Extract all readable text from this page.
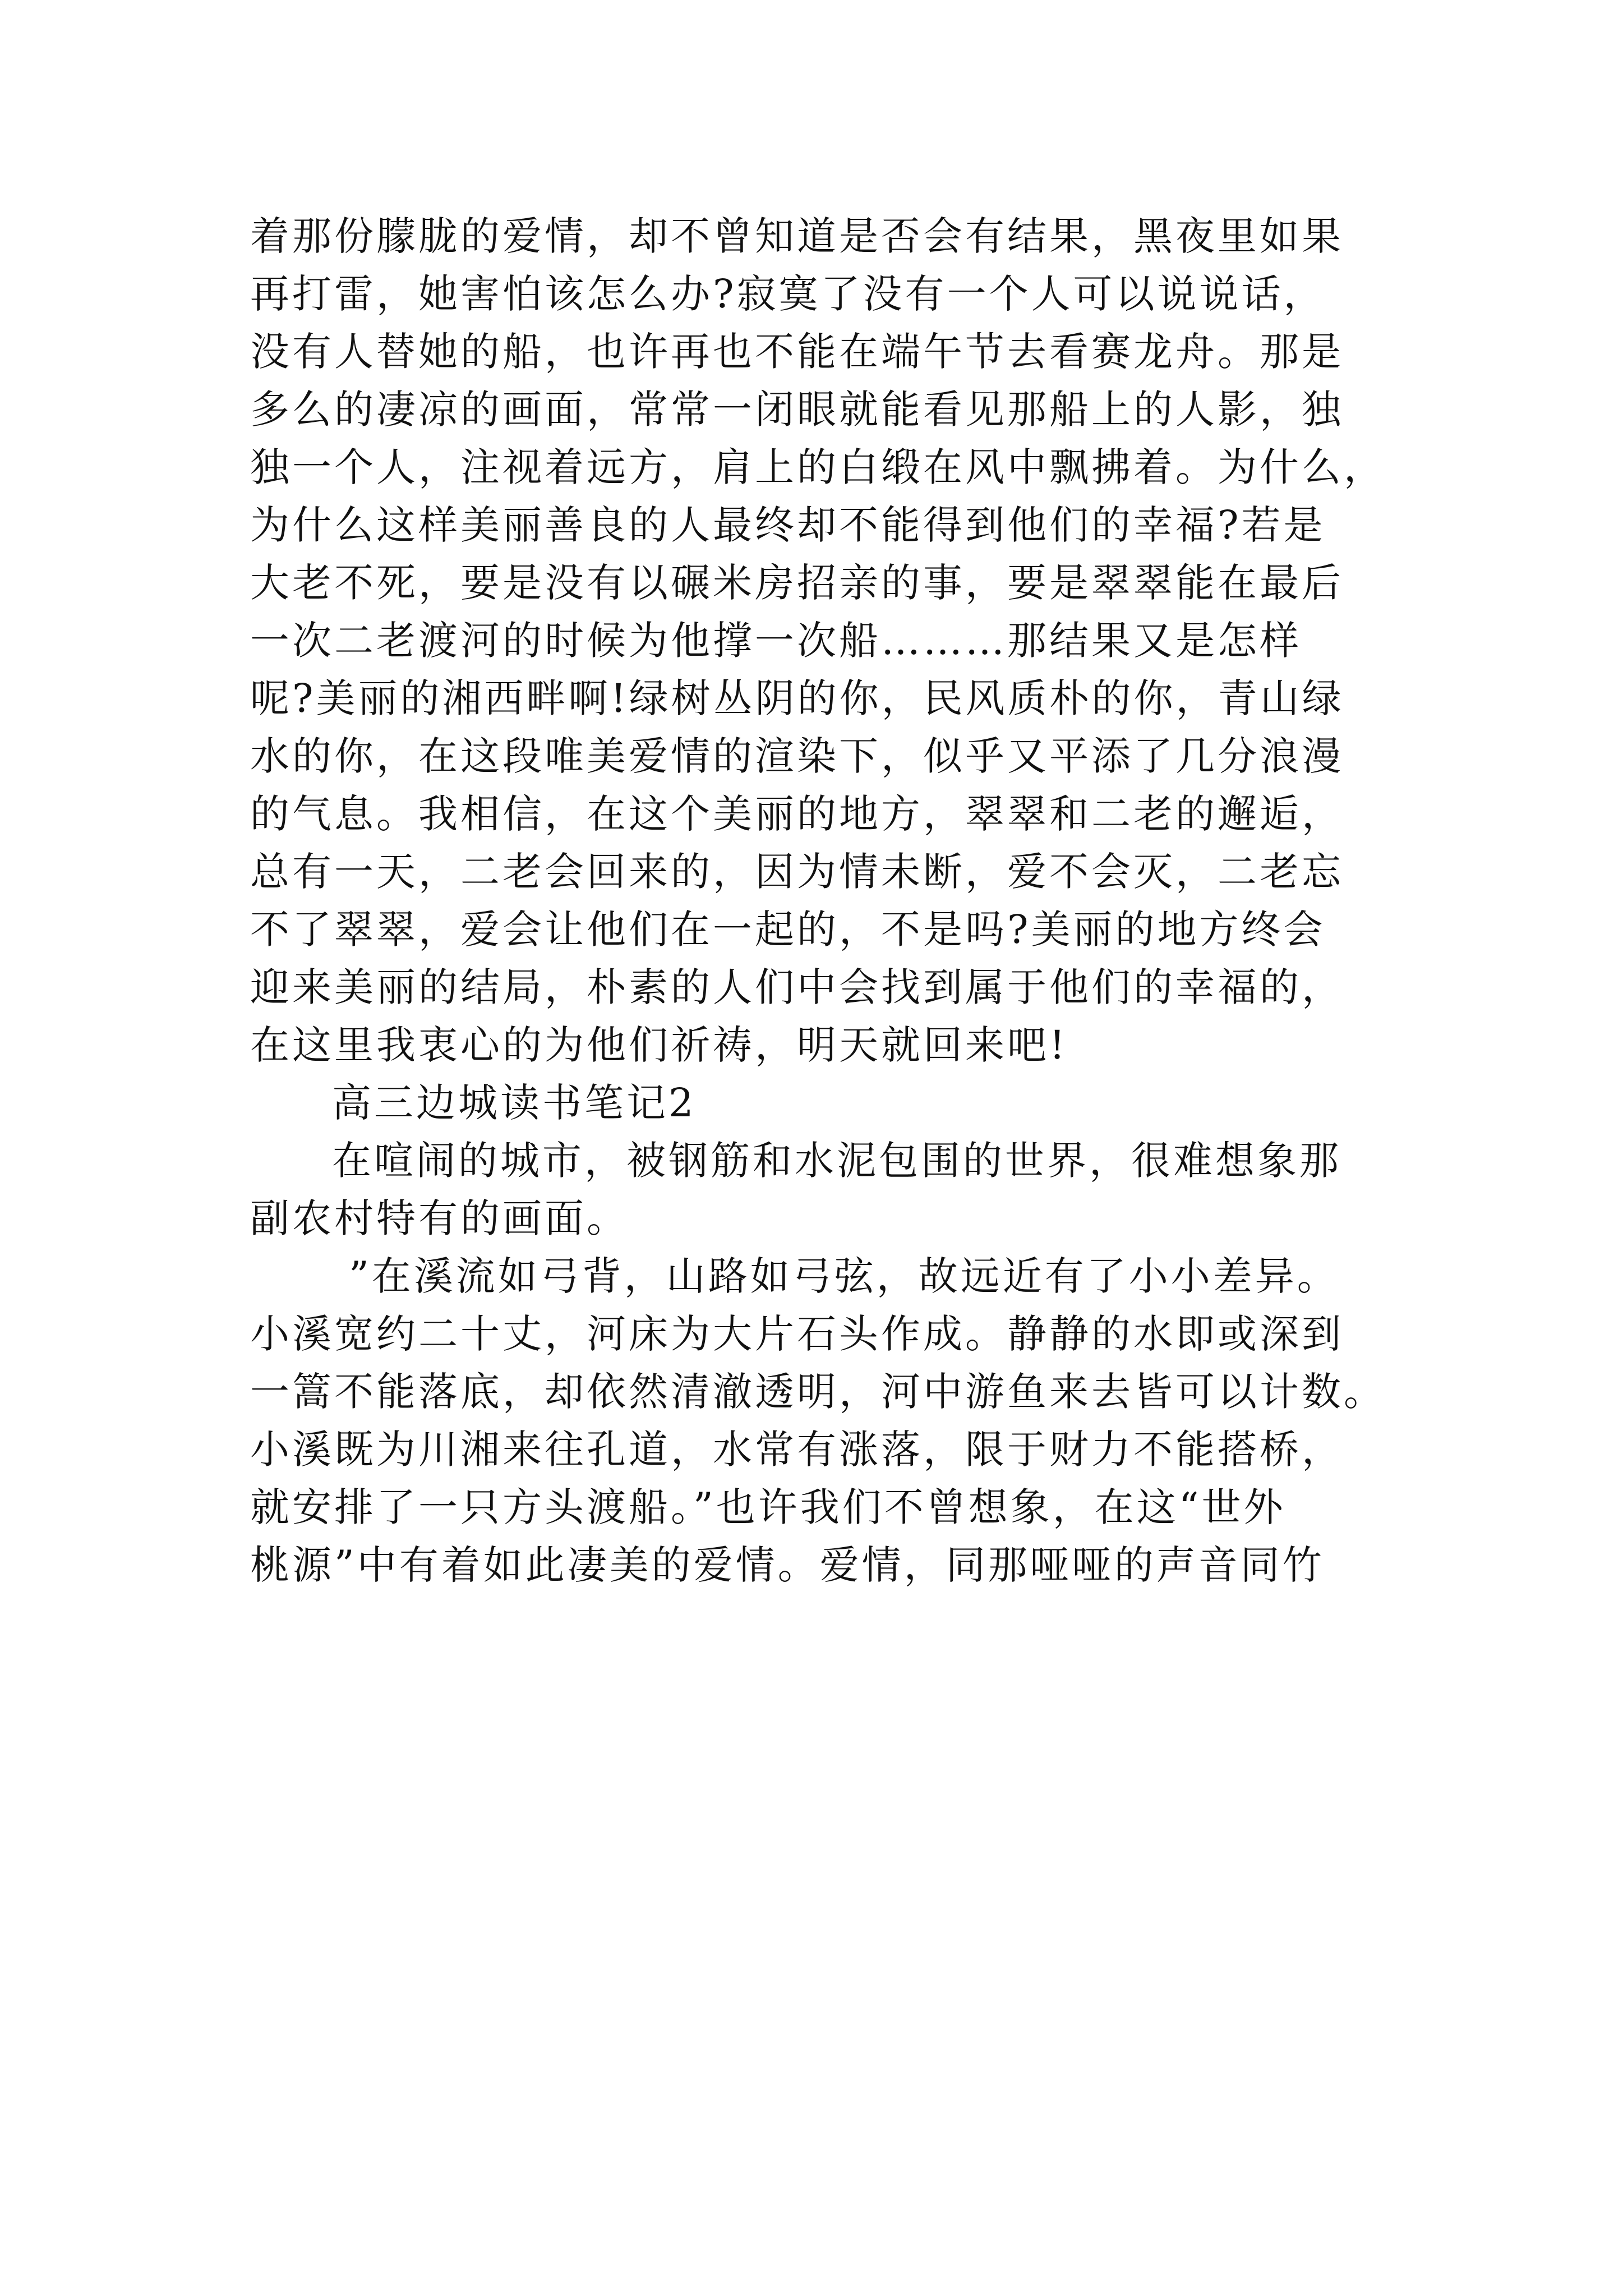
着那份朦胧的爱情，却不曾知道是否会有结果，黑夜里如果
再打雷，她害怕该怎么办?寂寞了没有一个人可以说说话，
没有人替她的船，也许再也不能在端午节去看赛龙舟。那是
多么的凄凉的画面，常常一闭眼就能看见那船上的人影，独
独一个人，注视着远方，肩上的白缎在风中飘拂着。为什么，
为什么这样美丽善良的人最终却不能得到他们的幸福?若是
大老不死，要是没有以碾米房招亲的事，要是翠翠能在最后
一次二老渡河的时候为他撑一次船………那结果又是怎样
呢?美丽的湘西畔啊!绿树丛阴的你，民风质朴的你，青山绿
水的你，在这段唯美爱情的渲染下，似乎又平添了几分浪漫
的气息。我相信，在这个美丽的地方，翠翠和二老的邂逅，
总有一天，二老会回来的，因为情未断，爱不会灭，二老忘
不了翠翠，爱会让他们在一起的，不是吗?美丽的地方终会
迎来美丽的结局，朴素的人们中会找到属于他们的幸福的，
在这里我衷心的为他们祈祷，明天就回来吧!
高三边城读书笔记2
在喧闹的城市，被钢筋和水泥包围的世界，很难想象那
副农村特有的画面。
”在溪流如弓背，山路如弓弦，故远近有了小小差异。
小溪宽约二十丈，河床为大片石头作成。静静的水即或深到
一篙不能落底，却依然清澈透明，河中游鱼来去皆可以计数。
小溪既为川湘来往孔道，水常有涨落，限于财力不能搭桥，
就安排了一只方头渡船。”也许我们不曾想象，在这“世外
桃源”中有着如此凄美的爱情。爱情，同那哑哑的声音同竹
